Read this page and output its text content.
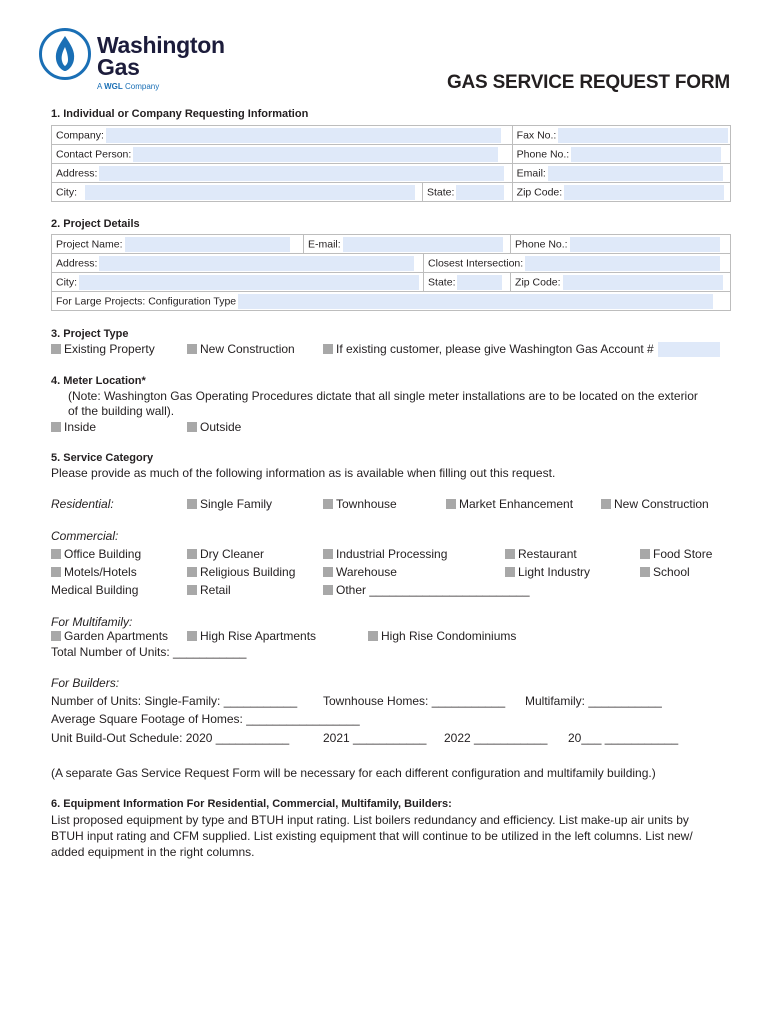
Washington
Gas
A WGL Company	GAS SERVICE REQUEST FORM
1. Individual or Company Requesting Information
Company:		Fax No.:
Contact Person:		Phone No.:
Address:		Email:
City:	State:	Zip Code:
2. Project Details
Project Name:	E-mail:		Phone No.:
Address:		Closest Intersection:	
City:		State:	Zip Code:
For Large Projects: Configuration Type			
3. Project Type
Existing Property	New Construction	If existing customer, please give Washington Gas Account #
4. Meter Location*
(Note: Washington Gas Operating Procedures dictate that all single meter installations are to be located on the exterior
of the building wall).
Inside	Outside
5. Service Category
Please provide as much of the following information as is available when filling out this request.
Residential:	Single Family	Townhouse	Market Enhancement	New Construction
Commercial:
Office Building	Dry Cleaner	Industrial Processing	Restaurant	Food Store
Motels/Hotels	Religious Building	Warehouse	Light Industry	School
Medical Building	Retail	Other ________________________
For Multifamily:
Garden Apartments	High Rise Apartments	High Rise Condominiums
Total Number of Units: ___________
For Builders:
Number of Units: Single-Family: ___________ Townhouse Homes: ___________ Multifamily: ___________
Average Square Footage of Homes: _________________
Unit Build-Out Schedule: 2020 ___________	2021 ___________ 2022 ___________ 20___ ___________
(A separate Gas Service Request Form will be necessary for each different configuration and multifamily building.)
6. Equipment Information For Residential, Commercial, Multifamily, Builders:
List proposed equipment by type and BTUH input rating. List boilers redundancy and efficiency. List make-up air units by
BTUH input rating and CFM supplied. List existing equipment that will continue to be utilized in the left columns. List new/
added equipment in the right columns.
